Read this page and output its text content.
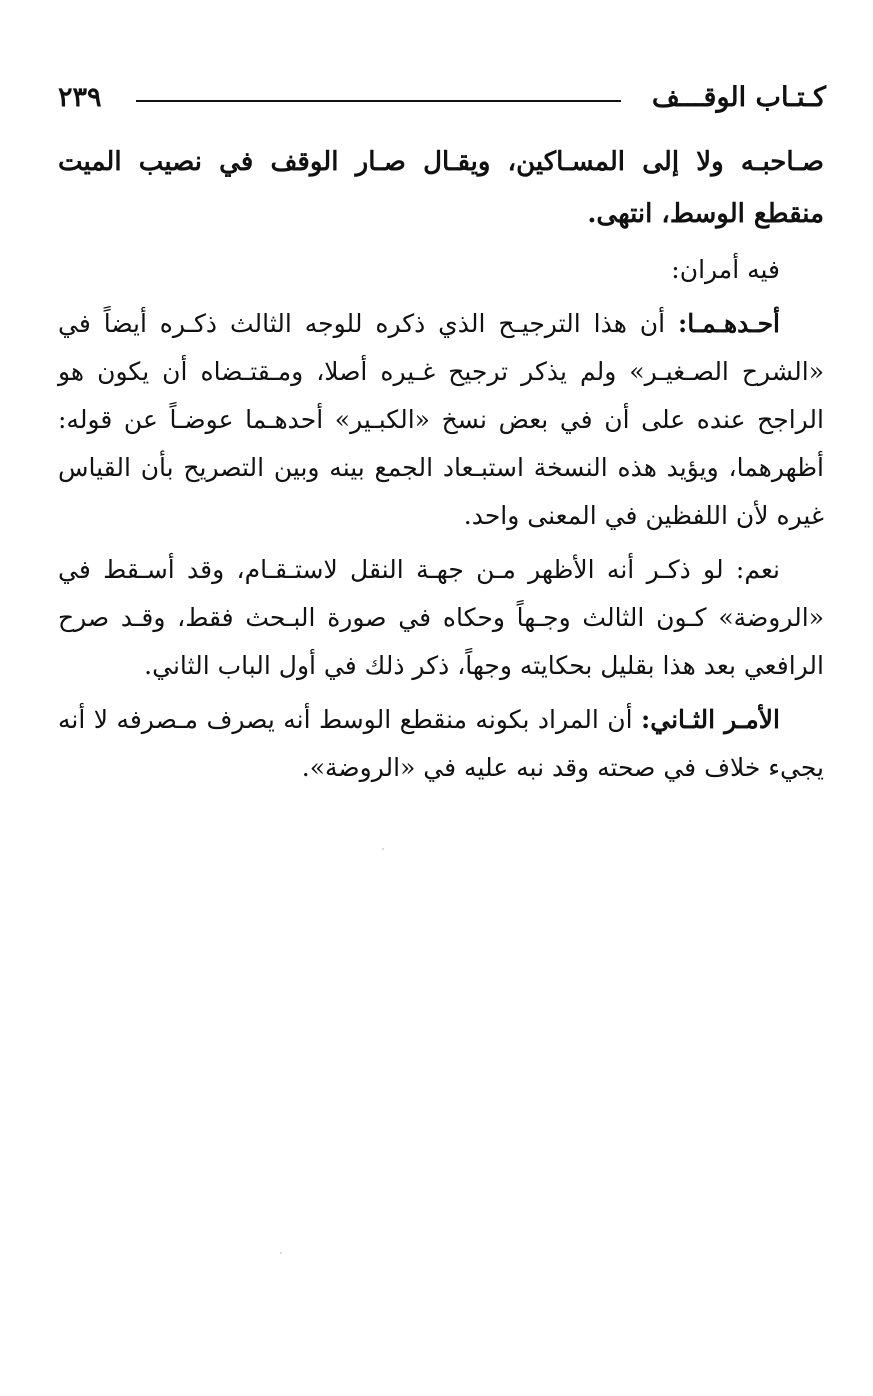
كـتـاب الوقـــف
٢٣٩

صـاحبـه ولا إلى المسـاكين، ويقـال صـار الوقف في نصيب الميت منقطع الوسط، انتهى.

فيه أمران:

أحـدهـمـا: أن هذا الترجيـح الذي ذكره للوجه الثالث ذكـره أيضاً في «الشرح الصـغيـر» ولم يذكر ترجيح غـيره أصلا، ومـقتـضاه أن يكون هو الراجح عنده على أن في بعض نسخ «الكبـير» أحدهـما عوضـاً عن قوله: أظهرهما، ويؤيد هذه النسخة استبـعاد الجمع بينه وبين التصريح بأن القياس غيره لأن اللفظين في المعنى واحد.

نعم: لو ذكـر أنه الأظهر مـن جهـة النقل لاستـقـام، وقد أسـقط في «الروضة» كـون الثالث وجـهاً وحكاه في صورة البـحث فقط، وقـد صرح الرافعي بعد هذا بقليل بحكايته وجهاً، ذكر ذلك في أول الباب الثاني.

الأمـر الثـاني: أن المراد بكونه منقطع الوسط أنه يصرف مـصرفه لا أنه يجيء خلاف في صحته وقد نبه عليه في «الروضة».
